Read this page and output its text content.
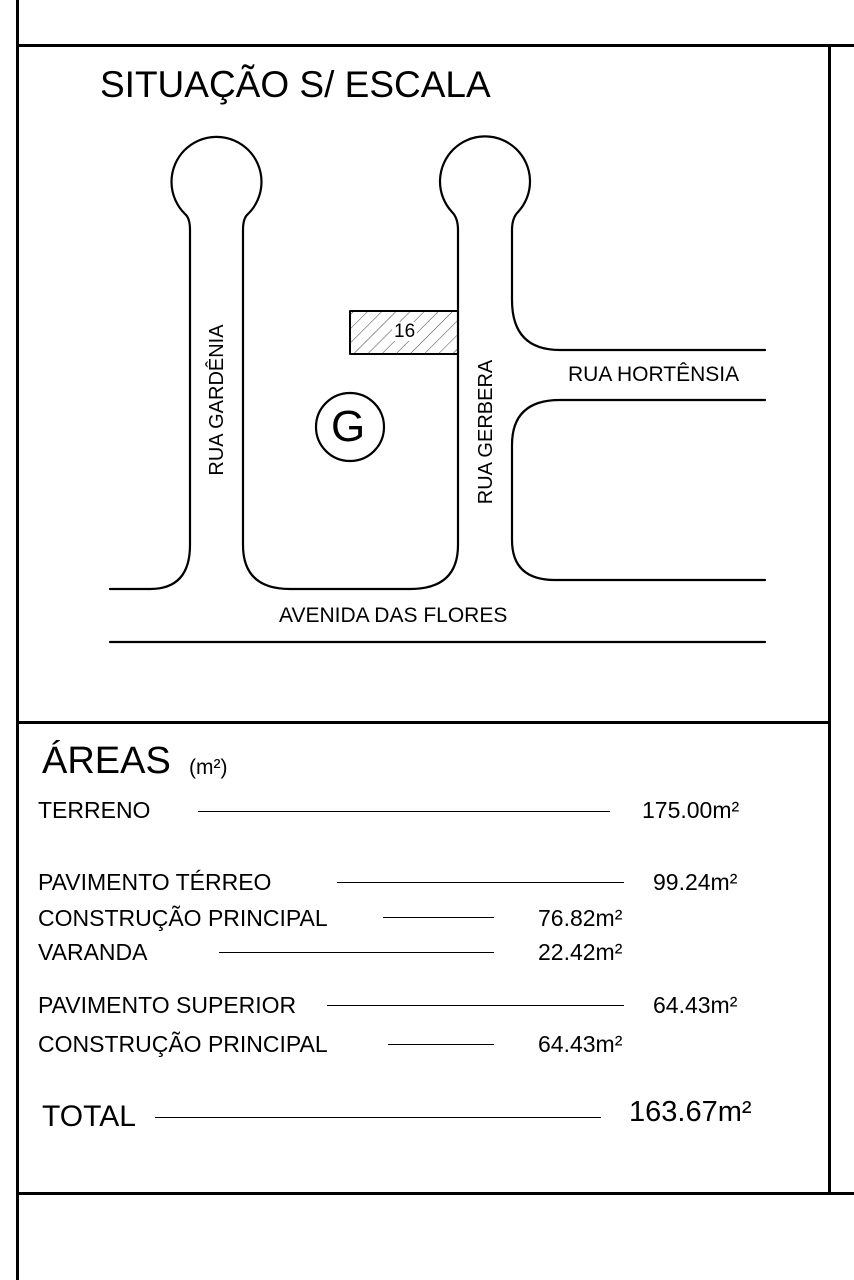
SITUAÇÃO S/ ESCALA
16
G
RUA GARDÊNIA	RUA GERBERA	RUA HORTÊNSIA
AVENIDA DAS FLORES
ÁREAS (m²)
TERRENO	175.00m²
PAVIMENTO TÉRREO	99.24m²
CONSTRUÇÃO PRINCIPAL	76.82m²
VARANDA	22.42m²
PAVIMENTO SUPERIOR	64.43m²
CONSTRUÇÃO PRINCIPAL	64.43m²
TOTAL	163.67m²
